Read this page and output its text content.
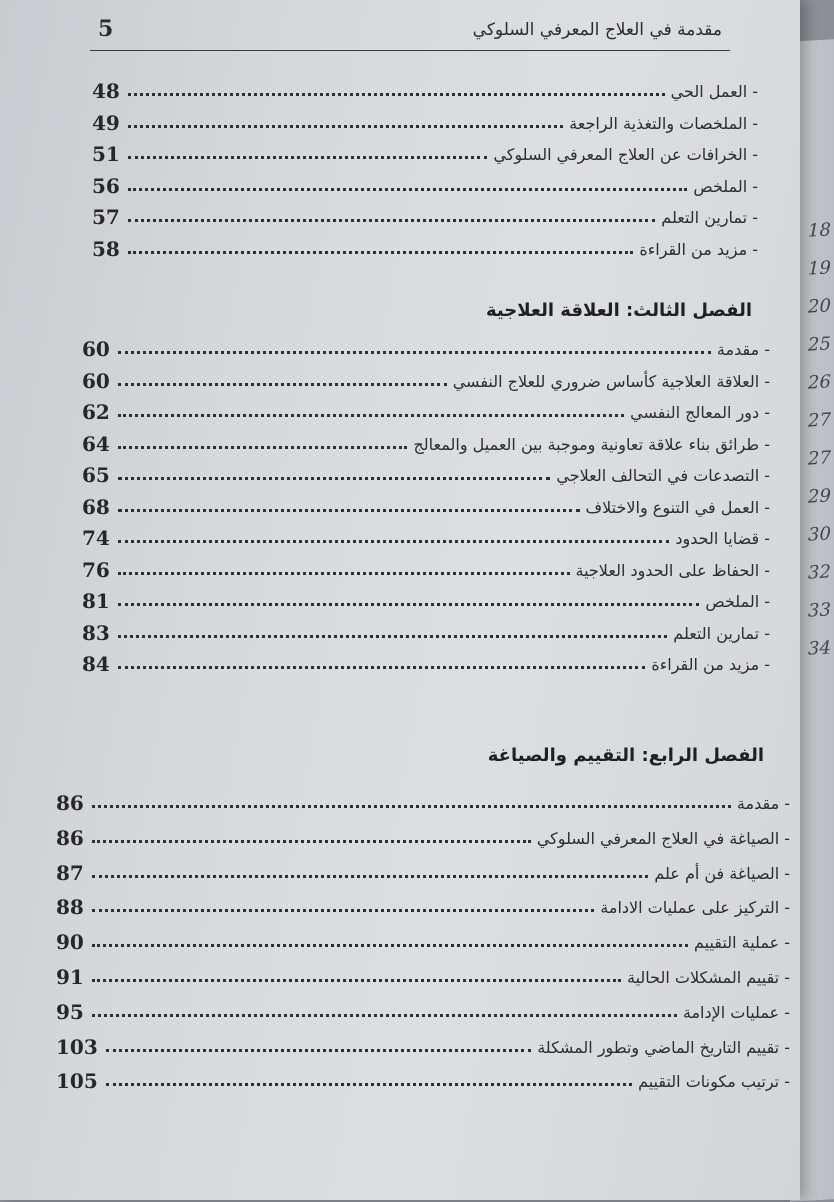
18
19
20
25
26
27
27
29
30
32
33
34
5	مقدمة في العلاج المعرفي السلوكي
48	- العمل الحي
49	- الملخصات والتغذية الراجعة
51	- الخرافات عن العلاج المعرفي السلوكي
56	- الملخص
57	- تمارين التعلم
58	- مزيد من القراءة
الفصل الثالث: العلاقة العلاجية
60	- مقدمة
60	- العلاقة العلاجية كأساس ضروري للعلاج النفسي
62	- دور المعالج النفسي
64	- طرائق بناء علاقة تعاونية وموجبة بين العميل والمعالج
65	- التصدعات في التحالف العلاجي
68	- العمل في التنوع والاختلاف
74	- قضايا الحدود
76	- الحفاظ على الحدود العلاجية
81	- الملخص
83	- تمارين التعلم
84	- مزيد من القراءة
الفصل الرابع: التقييم والصياغة
86	- مقدمة
86	- الصياغة في العلاج المعرفي السلوكي
87	- الصياغة فن أم علم
88	- التركيز على عمليات الادامة
90	- عملية التقييم
91	- تقييم المشكلات الحالية
95	- عمليات الإدامة
103	- تقييم التاريخ الماضي وتطور المشكلة
105	- ترتيب مكونات التقييم
